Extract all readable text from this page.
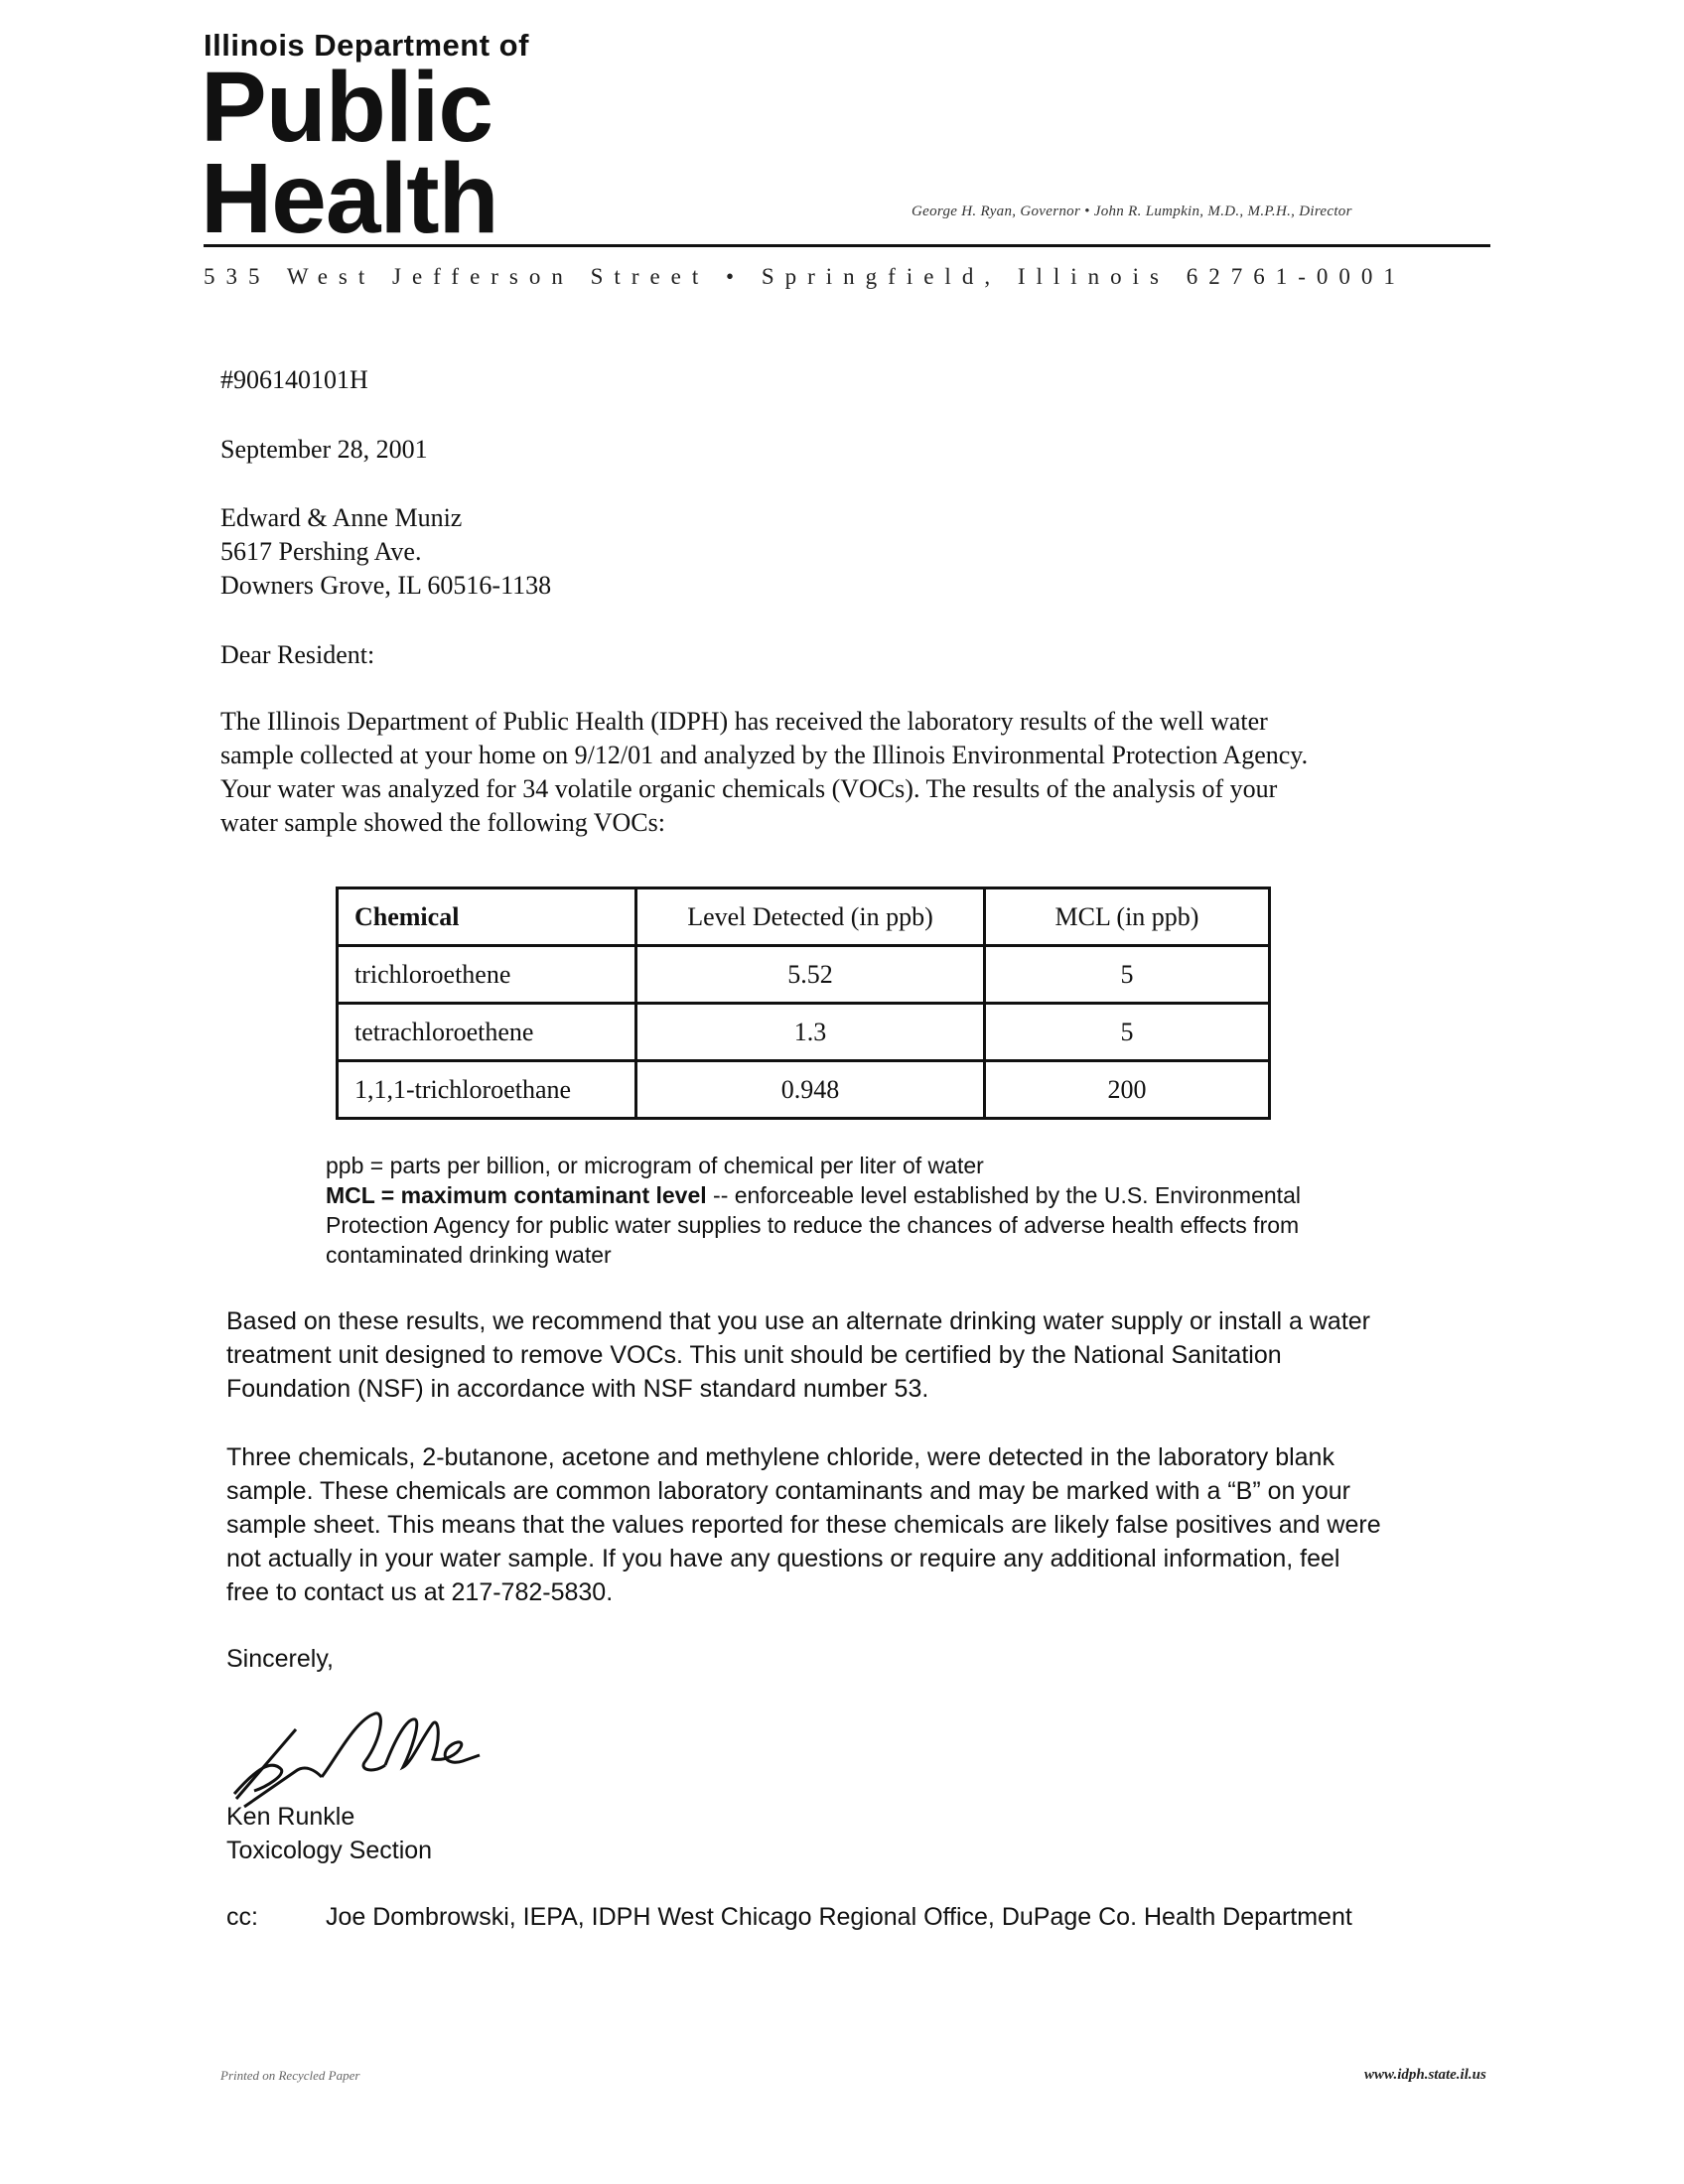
Illinois Department of
Public
Health	George H. Ryan, Governor • John R. Lumpkin, M.D., M.P.H., Director
535 West Jefferson Street • Springfield, Illinois 62761-0001
#906140101H
September 28, 2001
Edward & Anne Muniz
5617 Pershing Ave.
Downers Grove, IL 60516-1138
Dear Resident:
The Illinois Department of Public Health (IDPH) has received the laboratory results of the well water
sample collected at your home on 9/12/01 and analyzed by the Illinois Environmental Protection Agency.
Your water was analyzed for 34 volatile organic chemicals (VOCs). The results of the analysis of your
water sample showed the following VOCs:
Chemical	Level Detected (in ppb)	MCL (in ppb)
trichloroethene	5.52	5
tetrachloroethene	1.3	5
1,1,1-trichloroethane	0.948	200
ppb = parts per billion, or microgram of chemical per liter of water
MCL = maximum contaminant level -- enforceable level established by the U.S. Environmental
Protection Agency for public water supplies to reduce the chances of adverse health effects from
contaminated drinking water
Based on these results, we recommend that you use an alternate drinking water supply or install a water
treatment unit designed to remove VOCs. This unit should be certified by the National Sanitation
Foundation (NSF) in accordance with NSF standard number 53.
Three chemicals, 2-butanone, acetone and methylene chloride, were detected in the laboratory blank
sample. These chemicals are common laboratory contaminants and may be marked with a “B” on your
sample sheet. This means that the values reported for these chemicals are likely false positives and were
not actually in your water sample. If you have any questions or require any additional information, feel
free to contact us at 217-782-5830.
Sincerely,
Ken Runkle
Toxicology Section
cc:	Joe Dombrowski, IEPA, IDPH West Chicago Regional Office, DuPage Co. Health Department
Printed on Recycled Paper	www.idph.state.il.us
